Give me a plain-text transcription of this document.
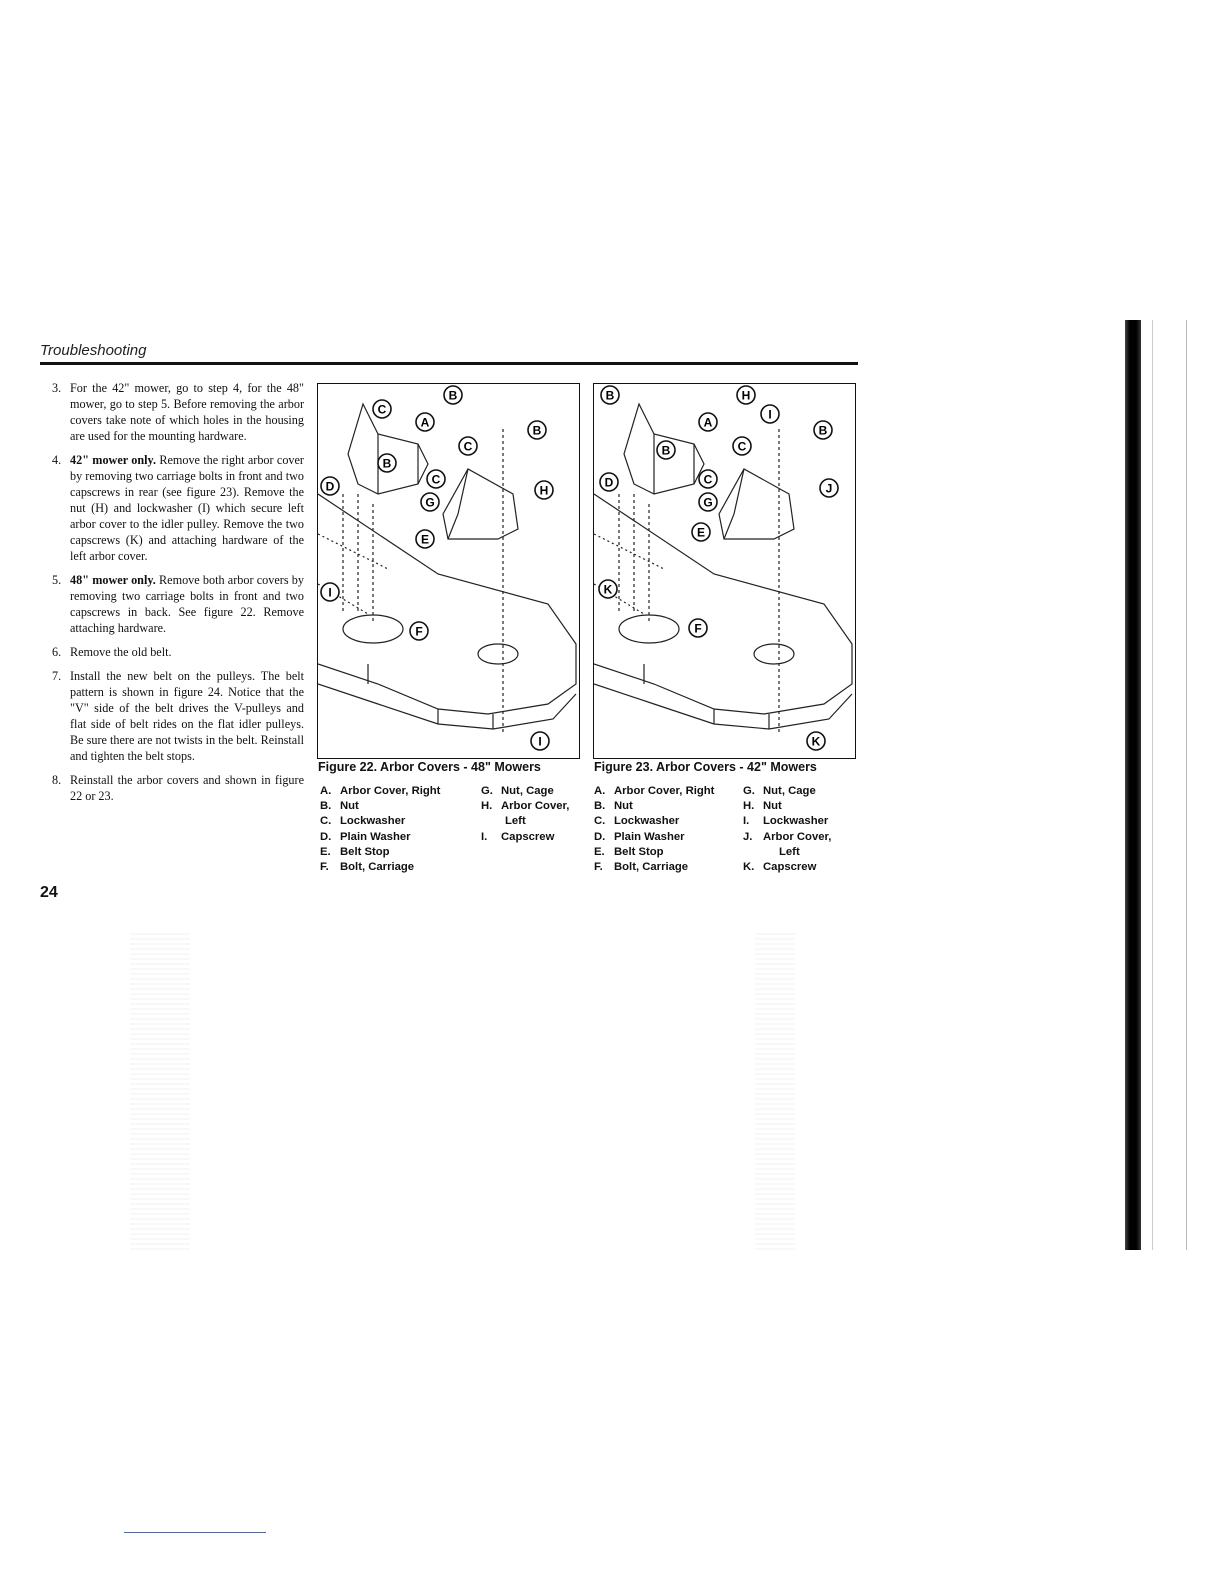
Troubleshooting
3. For the 42" mower, go to step 4, for the 48" mower, go to step 5. Before removing the arbor covers take note of which holes in the housing are used for the mounting hardware.
4. 42" mower only. Remove the right arbor cover by removing two carriage bolts in front and two capscrews in rear (see figure 23). Remove the nut (H) and lockwasher (I) which secure left arbor cover to the idler pulley. Remove the two capscrews (K) and attaching hardware of the left arbor cover.
5. 48" mower only. Remove both arbor covers by removing two carriage bolts in front and two capscrews in back. See figure 22. Remove attaching hardware.
6. Remove the old belt.
7. Install the new belt on the pulleys. The belt pattern is shown in figure 24. Notice that the "V" side of the belt drives the V-pulleys and flat side of belt rides on the flat idler pulleys. Be sure there are not twists in the belt. Reinstall and tighten the belt stops.
8. Reinstall the arbor covers and shown in figure 22 or 23.
24
C
B
A
C
B
D	C
B
H
G
E
I
F
I
B	H
A
I
C
B
B
D	C
J
G
E
K
F
K
Figure 22. Arbor Covers - 48" Mowers	Figure 23. Arbor Covers - 42" Mowers
A. Arbor Cover, Right
B. Nut
C. Lockwasher
D. Plain Washer
E. Belt Stop
F. Bolt, Carriage
G. Nut, Cage
H. Arbor Cover,
Left
I. Capscrew
A. Arbor Cover, Right
B. Nut
C. Lockwasher
D. Plain Washer
E. Belt Stop
F. Bolt, Carriage
G. Nut, Cage
H. Nut
I. Lockwasher
J. Arbor Cover,
Left
K. Capscrew
